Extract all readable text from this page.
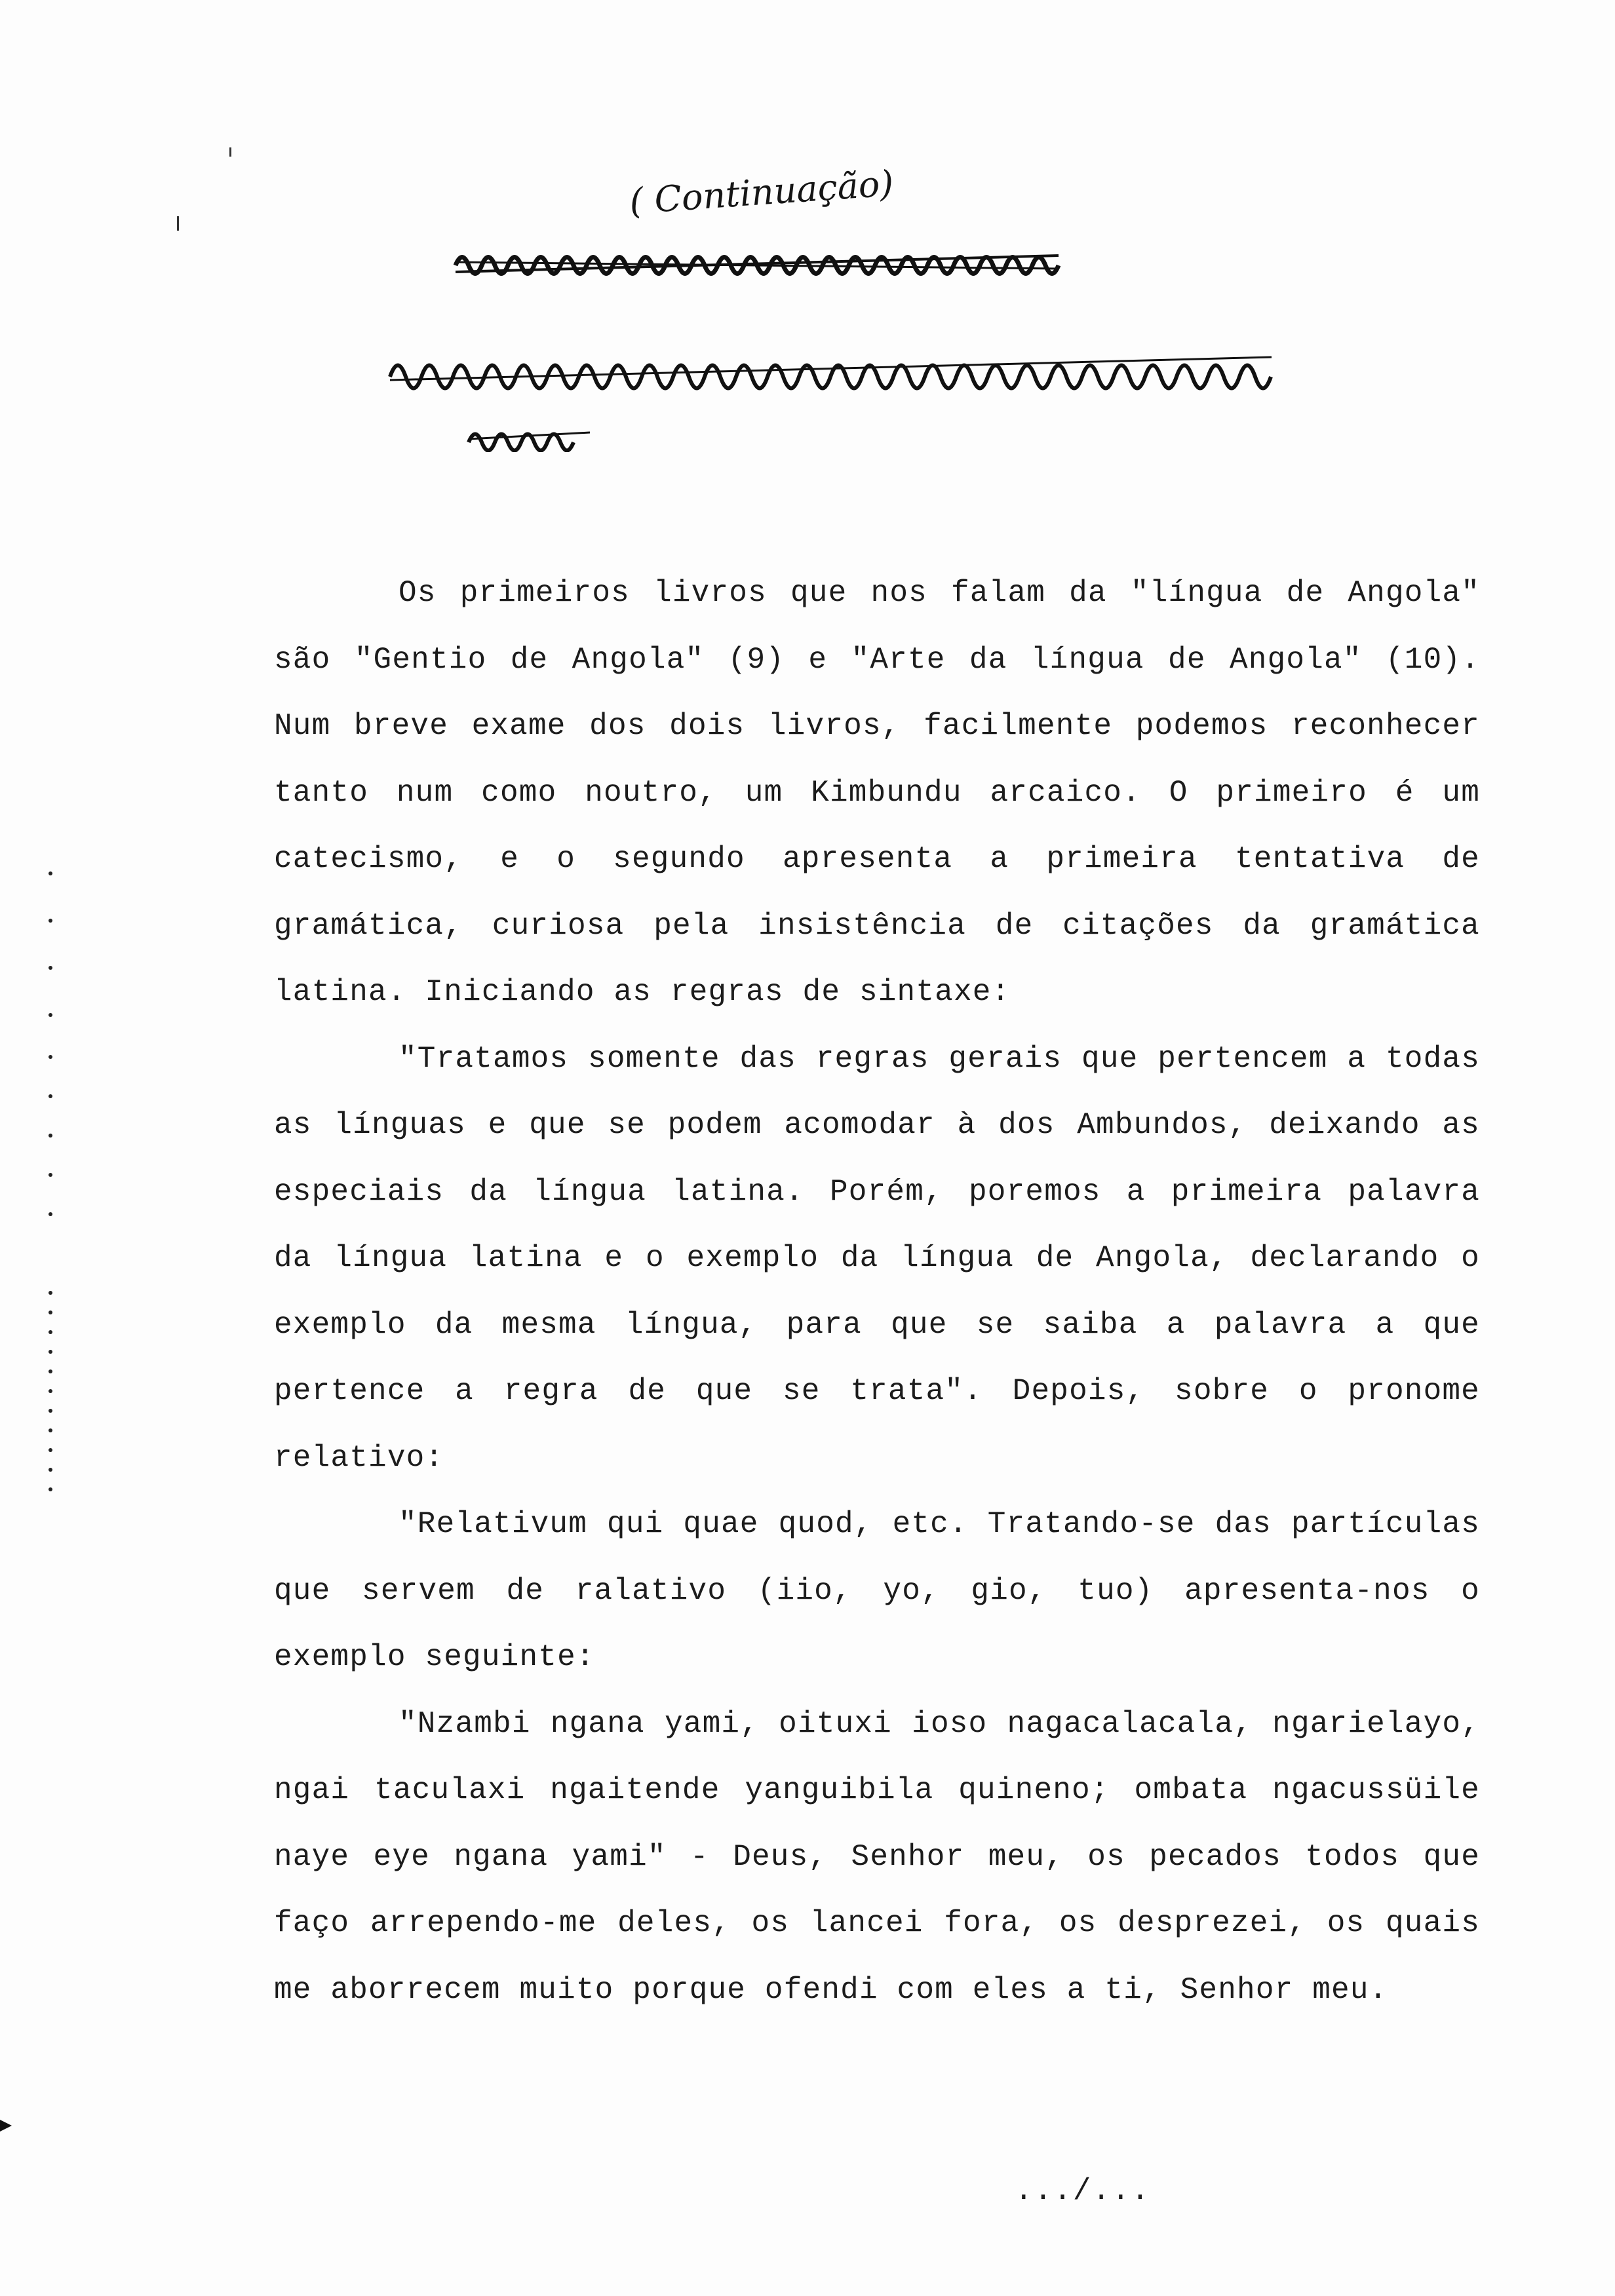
( Continuação)

Os primeiros livros que nos falam da "língua de Angola" são "Gentio de Angola" (9) e "Arte da língua de Angola" (10). Num breve exame dos dois livros, facilmente podemos reconhecer tanto num como noutro, um Kimbundu arcaico. O primeiro é um catecismo, e o segundo apresenta a primeira tentativa de gramática, curiosa pela insistência de citações da gramática latina. Iniciando as regras de sintaxe:

"Tratamos somente das regras gerais que pertencem a todas as línguas e que se podem acomodar à dos Ambundos, deixando as especiais da língua latina. Porém, poremos a primeira palavra da língua latina e o exemplo da língua de Angola, declarando o exemplo da mesma língua, para que se saiba a palavra a que pertence a regra de que se trata". Depois, sobre o pronome relativo:

"Relativum qui quae quod, etc. Tratando-se das partículas que servem de ralativo (iio, yo, gio, tuo) apresenta-nos o exemplo seguinte:

"Nzambi ngana yami, oituxi ioso nagacalacala, ngarielayo, ngai taculaxi ngaitende yanguibila quineno; ombata ngacussüile naye eye ngana yami" - Deus, Senhor meu, os pecados todos que faço arrependo-me deles, os lancei fora, os desprezei, os quais me aborrecem muito porque ofendi com eles a ti, Senhor meu.

.../...
